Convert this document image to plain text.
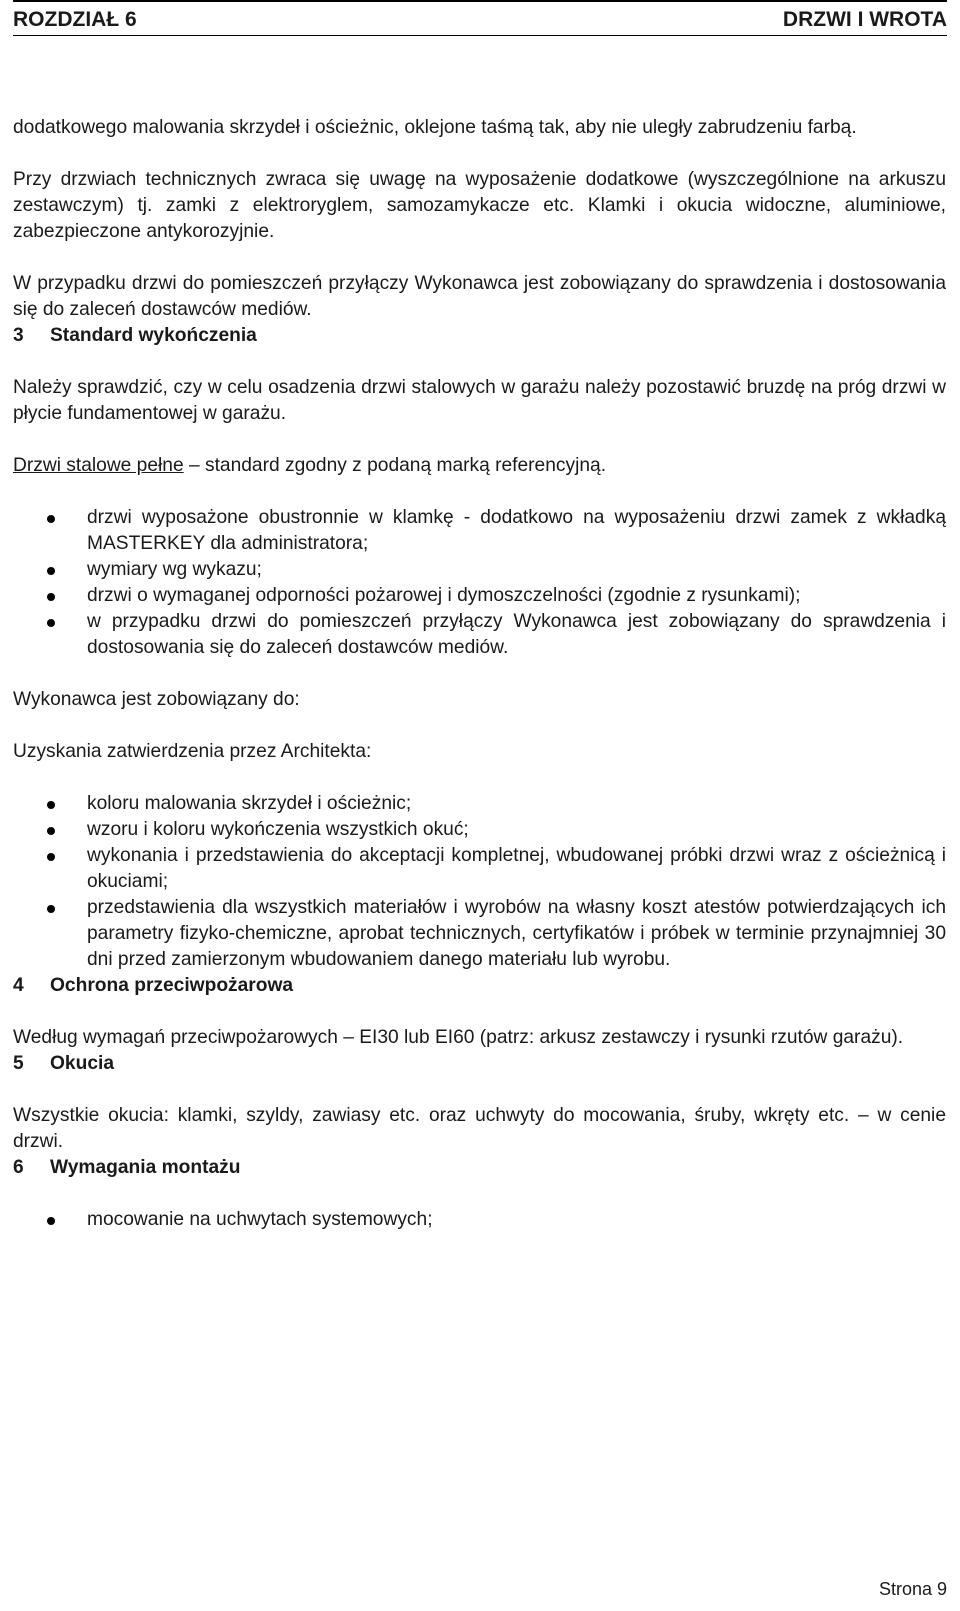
ROZDZIAŁ 6	DRZWI I WROTA

dodatkowego malowania skrzydeł i ościeżnic, oklejone taśmą tak, aby nie uległy zabrudzeniu farbą.

Przy drzwiach technicznych zwraca się uwagę na wyposażenie dodatkowe (wyszczególnione na arkuszu zestawczym) tj. zamki z elektroryglem, samozamykacze etc. Klamki i okucia widoczne, aluminiowe, zabezpieczone antykorozyjnie.

W przypadku drzwi do pomieszczeń przyłączy Wykonawca jest zobowiązany do sprawdzenia i dostosowania się do zaleceń dostawców mediów.

3 Standard wykończenia

Należy sprawdzić, czy w celu osadzenia drzwi stalowych w garażu należy pozostawić bruzdę na próg drzwi w płycie fundamentowej w garażu.

Drzwi stalowe pełne – standard zgodny z podaną marką referencyjną.

drzwi wyposażone obustronnie w klamkę - dodatkowo na wyposażeniu drzwi zamek z wkładką MASTERKEY dla administratora;
wymiary wg wykazu;
drzwi o wymaganej odporności pożarowej i dymoszczelności (zgodnie z rysunkami);
w przypadku drzwi do pomieszczeń przyłączy Wykonawca jest zobowiązany do sprawdzenia i dostosowania się do zaleceń dostawców mediów.

Wykonawca jest zobowiązany do:

Uzyskania zatwierdzenia przez Architekta:

koloru malowania skrzydeł i ościeżnic;
wzoru i koloru wykończenia wszystkich okuć;
wykonania i przedstawienia do akceptacji kompletnej, wbudowanej próbki drzwi wraz z ościeżnicą i okuciami;
przedstawienia dla wszystkich materiałów i wyrobów na własny koszt atestów potwierdzających ich parametry fizyko-chemiczne, aprobat technicznych, certyfikatów i próbek w terminie przynajmniej 30 dni przed zamierzonym wbudowaniem danego materiału lub wyrobu.
4 Ochrona przeciwpożarowa

Według wymagań przeciwpożarowych – EI30 lub EI60 (patrz: arkusz zestawczy i rysunki rzutów garażu).

5 Okucia

Wszystkie okucia: klamki, szyldy, zawiasy etc. oraz uchwyty do mocowania, śruby, wkręty etc. – w cenie drzwi.

6 Wymagania montażu
mocowanie na uchwytach systemowych;
Strona 9
